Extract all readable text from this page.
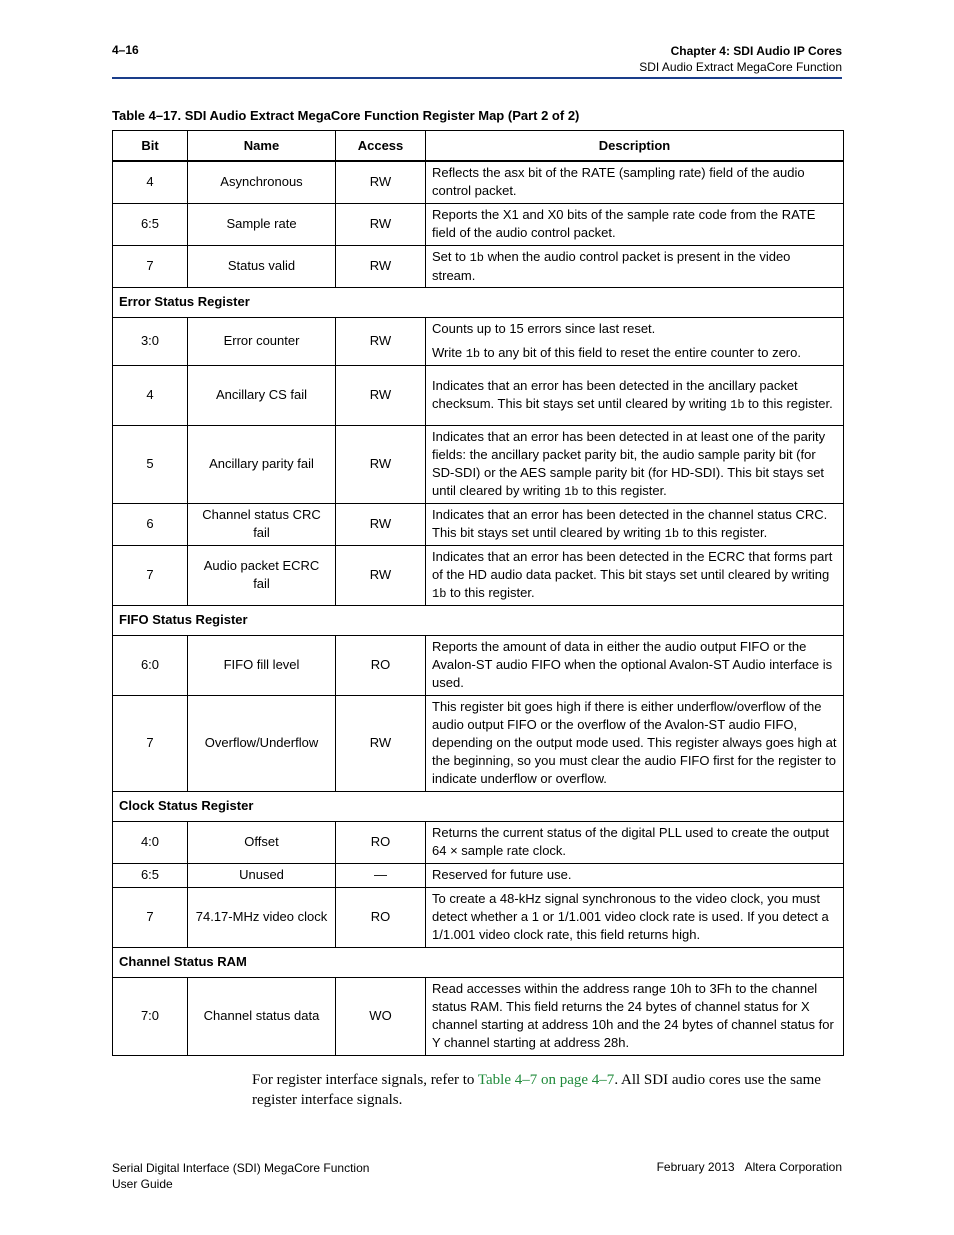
4–16	Chapter 4: SDI Audio IP Cores
SDI Audio Extract MegaCore Function
Table 4–17. SDI Audio Extract MegaCore Function Register Map (Part 2 of 2)
Bit	Name	Access	Description
4	Asynchronous	RW	Reflects the asx bit of the RATE (sampling rate) field of the audio control packet.
6:5	Sample rate	RW	Reports the X1 and X0 bits of the sample rate code from the RATE field of the audio control packet.
7	Status valid	RW	Set to 1b when the audio control packet is present in the video stream.
Error Status Register			
3:0	Error counter	RW	Counts up to 15 errors since last reset.

Write 1b to any bit of this field to reset the entire counter to zero.

4	Ancillary CS fail	RW	Indicates that an error has been detected in the ancillary packet checksum. This bit stays set until cleared by writing 1b to this register.
5	Ancillary parity fail	RW	Indicates that an error has been detected in at least one of the parity fields: the ancillary packet parity bit, the audio sample parity bit (for SD-SDI) or the AES sample parity bit (for HD-SDI). This bit stays set until cleared by writing 1b to this register.
6	Channel status CRC fail	RW	Indicates that an error has been detected in the channel status CRC. This bit stays set until cleared by writing 1b to this register.
7	Audio packet ECRC fail	RW	Indicates that an error has been detected in the ECRC that forms part of the HD audio data packet. This bit stays set until cleared by writing 1b to this register.
FIFO Status Register			
6:0	FIFO fill level	RO	Reports the amount of data in either the audio output FIFO or the Avalon-ST audio FIFO when the optional Avalon-ST Audio interface is used.
7	Overflow/Underflow	RW	This register bit goes high if there is either underflow/overflow of the audio output FIFO or the overflow of the Avalon-ST audio FIFO, depending on the output mode used. This register always goes high at the beginning, so you must clear the audio FIFO first for the register to indicate underflow or overflow.
Clock Status Register			
4:0	Offset	RO	Returns the current status of the digital PLL used to create the output 64 × sample rate clock.
6:5	Unused	—	Reserved for future use.
7	74.17-MHz video clock	RO	To create a 48-kHz signal synchronous to the video clock, you must detect whether a 1 or 1/1.001 video clock rate is used. If you detect a 1/1.001 video clock rate, this field returns high.
Channel Status RAM			
7:0	Channel status data	WO	Read accesses within the address range 10h to 3Fh to the channel status RAM. This field returns the 24 bytes of channel status for X channel starting at address 10h and the 24 bytes of channel status for Y channel starting at address 28h.
For register interface signals, refer to Table 4–7 on page 4–7. All SDI audio cores use the same register interface signals.
Serial Digital Interface (SDI) MegaCore Function
User Guide
February 2013 Altera Corporation
